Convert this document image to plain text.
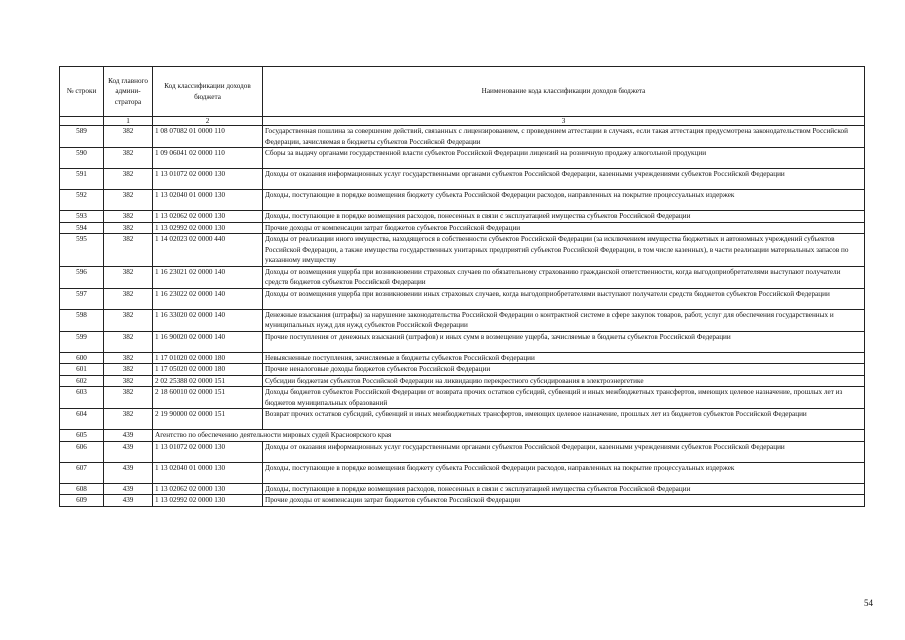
№ строки	Код главного админи-стратора	Код классификации доходов бюджета	Наименование кода классификации доходов бюджета
	1	2	3
589	382	1 08 07082 01 0000 110	Государственная пошлина за совершение действий, связанных с лицензированием, с проведением аттестации в случаях, если такая аттестация предусмотрена законодательством Российской Федерации, зачисляемая в бюджеты субъектов Российской Федерации
590	382	1 09 06041 02 0000 110	Сборы за выдачу органами государственной власти субъектов Российской Федерации лицензий на розничную продажу алкогольной продукции
591	382	1 13 01072 02 0000 130	Доходы от оказания информационных услуг государственными органами субъектов Российской Федерации, казенными учреждениями субъектов Российской Федерации
592	382	1 13 02040 01 0000 130	Доходы, поступающие в порядке возмещения бюджету субъекта Российской Федерации расходов, направленных на покрытие процессуальных издержек
593	382	1 13 02062 02 0000 130	Доходы, поступающие в порядке возмещения расходов, понесенных в связи с эксплуатацией имущества субъектов Российской Федерации
594	382	1 13 02992 02 0000 130	Прочие доходы от компенсации затрат бюджетов субъектов Российской Федерации
595	382	1 14 02023 02 0000 440	Доходы от реализации иного имущества, находящегося в собственности субъектов Российской Федерации (за исключением имущества бюджетных и автономных учреждений субъектов Российской Федерации, а также имущества государственных унитарных предприятий субъектов Российской Федерации, в том числе казенных), в части реализации материальных запасов по указанному имуществу
596	382	1 16 23021 02 0000 140	Доходы от возмещения ущерба при возникновении страховых случаев по обязательному страхованию гражданской ответственности, когда выгодоприобретателями выступают получатели средств бюджетов субъектов Российской Федерации
597	382	1 16 23022 02 0000 140	Доходы от возмещения ущерба при возникновении иных страховых случаев, когда выгодоприобретателями выступают получатели средств бюджетов субъектов Российской Федерации
598	382	1 16 33020 02 0000 140	Денежные взыскания (штрафы) за нарушение законодательства Российской Федерации о контрактной системе в сфере закупок товаров, работ, услуг для обеспечения государственных и муниципальных нужд для нужд субъектов Российской Федерации
599	382	1 16 90020 02 0000 140	Прочие поступления от денежных взысканий (штрафов) и иных сумм в возмещение ущерба, зачисляемые в бюджеты субъектов Российской Федерации
600	382	1 17 01020 02 0000 180	Невыясненные поступления, зачисляемые в бюджеты субъектов Российской Федерации
601	382	1 17 05020 02 0000 180	Прочие неналоговые доходы бюджетов субъектов Российской Федерации
602	382	2 02 25388 02 0000 151	Субсидии бюджетам субъектов Российской Федерации на ликвидацию перекрестного субсидирования в электроэнергетике
603	382	2 18 60010 02 0000 151	Доходы бюджетов субъектов Российской Федерации от возврата прочих остатков субсидий, субвенций и иных межбюджетных трансфертов, имеющих целевое назначение, прошлых лет из бюджетов муниципальных образований
604	382	2 19 90000 02 0000 151	Возврат прочих остатков субсидий, субвенций и иных межбюджетных трансфертов, имеющих целевое назначение, прошлых лет из бюджетов субъектов Российской Федерации
605	439	Агентство по обеспечению деятельности мировых судей Красноярского края	
606	439	1 13 01072 02 0000 130	Доходы от оказания информационных услуг государственными органами субъектов Российской Федерации, казенными учреждениями субъектов Российской Федерации
607	439	1 13 02040 01 0000 130	Доходы, поступающие в порядке возмещения бюджету субъекта Российской Федерации расходов, направленных на покрытие процессуальных издержек
608	439	1 13 02062 02 0000 130	Доходы, поступающие в порядке возмещения расходов, понесенных в связи с эксплуатацией имущества субъектов Российской Федерации
609	439	1 13 02992 02 0000 130	Прочие доходы от компенсации затрат бюджетов субъектов Российской Федерации
54
